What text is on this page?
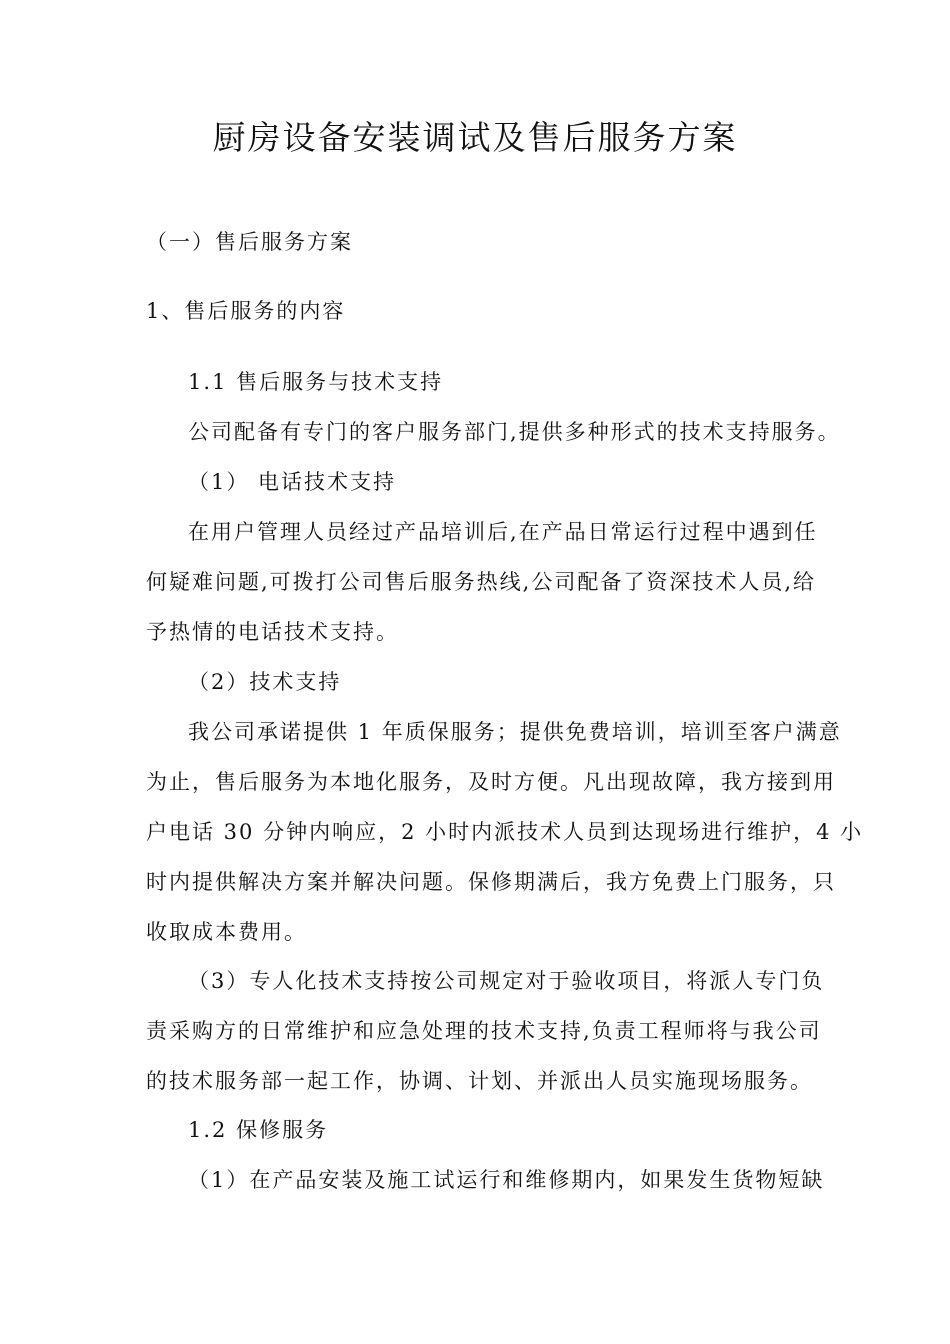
厨房设备安装调试及售后服务方案

（一）售后服务方案

1、售后服务的内容

1.1 售后服务与技术支持

公司配备有专门的客户服务部门,提供多种形式的技术支持服务。

（1） 电话技术支持

在用户管理人员经过产品培训后,在产品日常运行过程中遇到任

何疑难问题,可拨打公司售后服务热线,公司配备了资深技术人员,给

予热情的电话技术支持。

（2）技术支持

我公司承诺提供 1 年质保服务；提供免费培训，培训至客户满意

为止，售后服务为本地化服务，及时方便。凡出现故障，我方接到用

户电话 30 分钟内响应，2 小时内派技术人员到达现场进行维护，4 小

时内提供解决方案并解决问题。保修期满后，我方免费上门服务，只

收取成本费用。

（3）专人化技术支持按公司规定对于验收项目，将派人专门负

责采购方的日常维护和应急处理的技术支持,负责工程师将与我公司

的技术服务部一起工作，协调、计划、并派出人员实施现场服务。

1.2 保修服务

（1）在产品安装及施工试运行和维修期内，如果发生货物短缺
